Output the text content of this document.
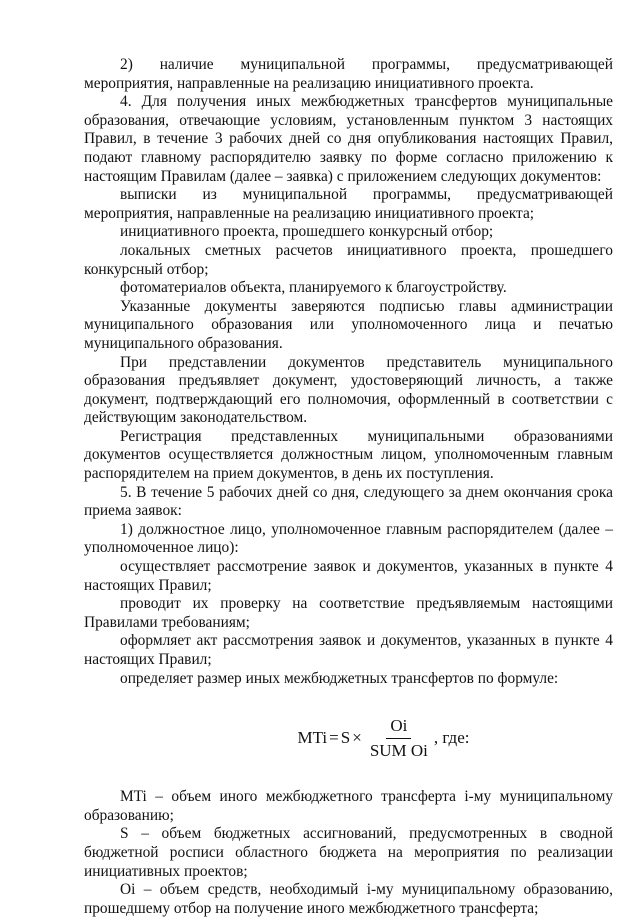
2) наличие муниципальной программы, предусматривающей мероприятия, направленные на реализацию инициативного проекта.

4. Для получения иных межбюджетных трансфертов муниципальные образования, отвечающие условиям, установленным пунктом 3 настоящих Правил, в течение 3 рабочих дней со дня опубликования настоящих Правил, подают главному распорядителю заявку по форме согласно приложению к настоящим Правилам (далее – заявка) с приложением следующих документов:

выписки из муниципальной программы, предусматривающей мероприятия, направленные на реализацию инициативного проекта;

инициативного проекта, прошедшего конкурсный отбор;

локальных сметных расчетов инициативного проекта, прошедшего конкурсный отбор;

фотоматериалов объекта, планируемого к благоустройству.

Указанные документы заверяются подписью главы администрации муниципального образования или уполномоченного лица и печатью муниципального образования.

При представлении документов представитель муниципального образования предъявляет документ, удостоверяющий личность, а также документ, подтверждающий его полномочия, оформленный в соответствии с действующим законодательством.

Регистрация представленных муниципальными образованиями документов осуществляется должностным лицом, уполномоченным главным распорядителем на прием документов, в день их поступления.

5. В течение 5 рабочих дней со дня, следующего за днем окончания срока приема заявок:

1) должностное лицо, уполномоченное главным распорядителем (далее – уполномоченное лицо):

осуществляет рассмотрение заявок и документов, указанных в пункте 4 настоящих Правил;

проводит их проверку на соответствие предъявляемым настоящими Правилами требованиям;

оформляет акт рассмотрения заявок и документов, указанных в пункте 4 настоящих Правил;

определяет размер иных межбюджетных трансфертов по формуле:

MTi = $S \times \frac{Oi}{\text{SUM Oi}}$ , где:

MTi – объем иного межбюджетного трансферта i-му муниципальному образованию;

S – объем бюджетных ассигнований, предусмотренных в сводной бюджетной росписи областного бюджета на мероприятия по реализации инициативных проектов;

Oi – объем средств, необходимый i-му муниципальному образованию, прошедшему отбор на получение иного межбюджетного трансферта;
